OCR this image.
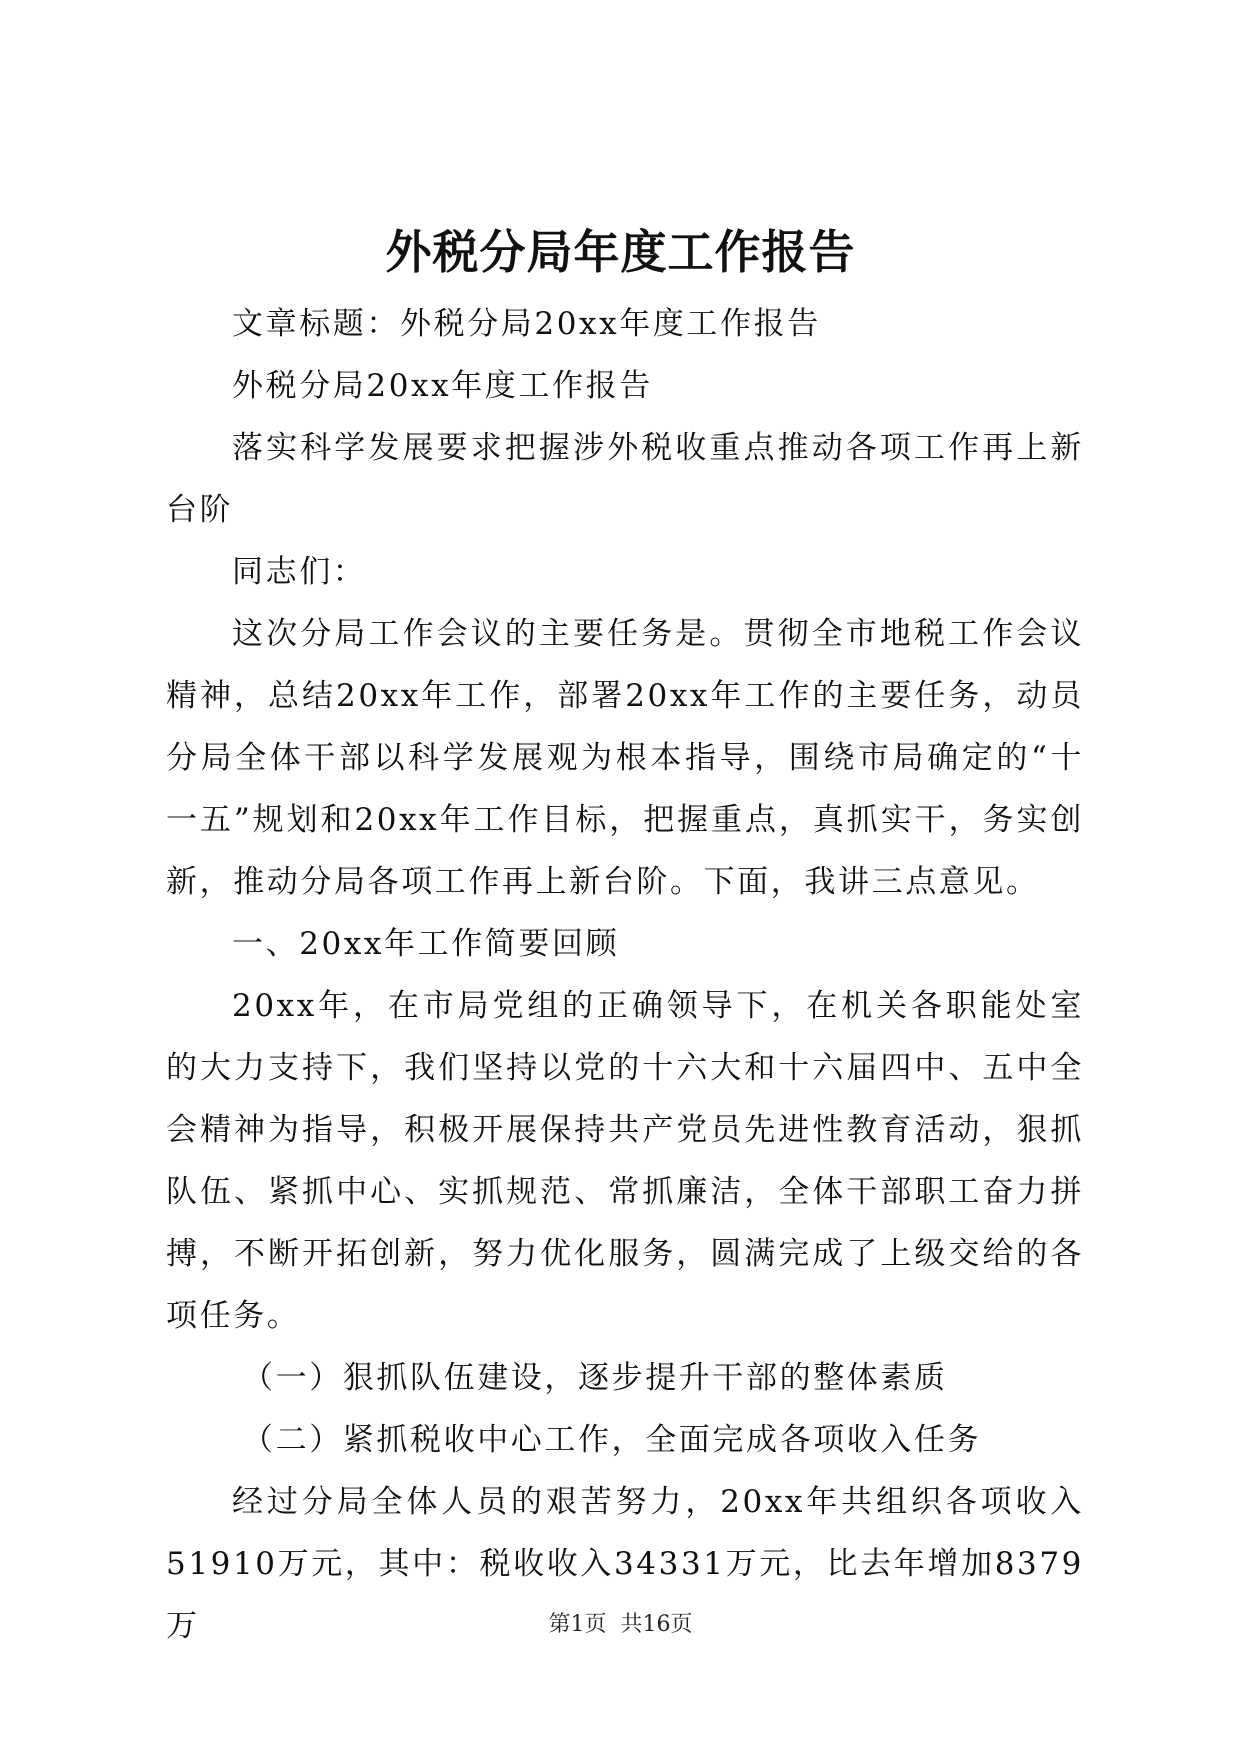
外税分局年度工作报告

文章标题：外税分局20xx年度工作报告

外税分局20xx年度工作报告

落实科学发展要求把握涉外税收重点推动各项工作再上新台阶

同志们：

这次分局工作会议的主要任务是。贯彻全市地税工作会议精神，总结20xx年工作，部署20xx年工作的主要任务，动员分局全体干部以科学发展观为根本指导，围绕市局确定的“十一五”规划和20xx年工作目标，把握重点，真抓实干，务实创新，推动分局各项工作再上新台阶。下面，我讲三点意见。

一、20xx年工作简要回顾

20xx年，在市局党组的正确领导下，在机关各职能处室的大力支持下，我们坚持以党的十六大和十六届四中、五中全会精神为指导，积极开展保持共产党员先进性教育活动，狠抓队伍、紧抓中心、实抓规范、常抓廉洁，全体干部职工奋力拼搏，不断开拓创新，努力优化服务，圆满完成了上级交给的各项任务。

（一）狠抓队伍建设，逐步提升干部的整体素质

（二）紧抓税收中心工作，全面完成各项收入任务

经过分局全体人员的艰苦努力，20xx年共组织各项收入51910万元，其中：税收收入34331万元，比去年增加8379万	第1页 共16页
